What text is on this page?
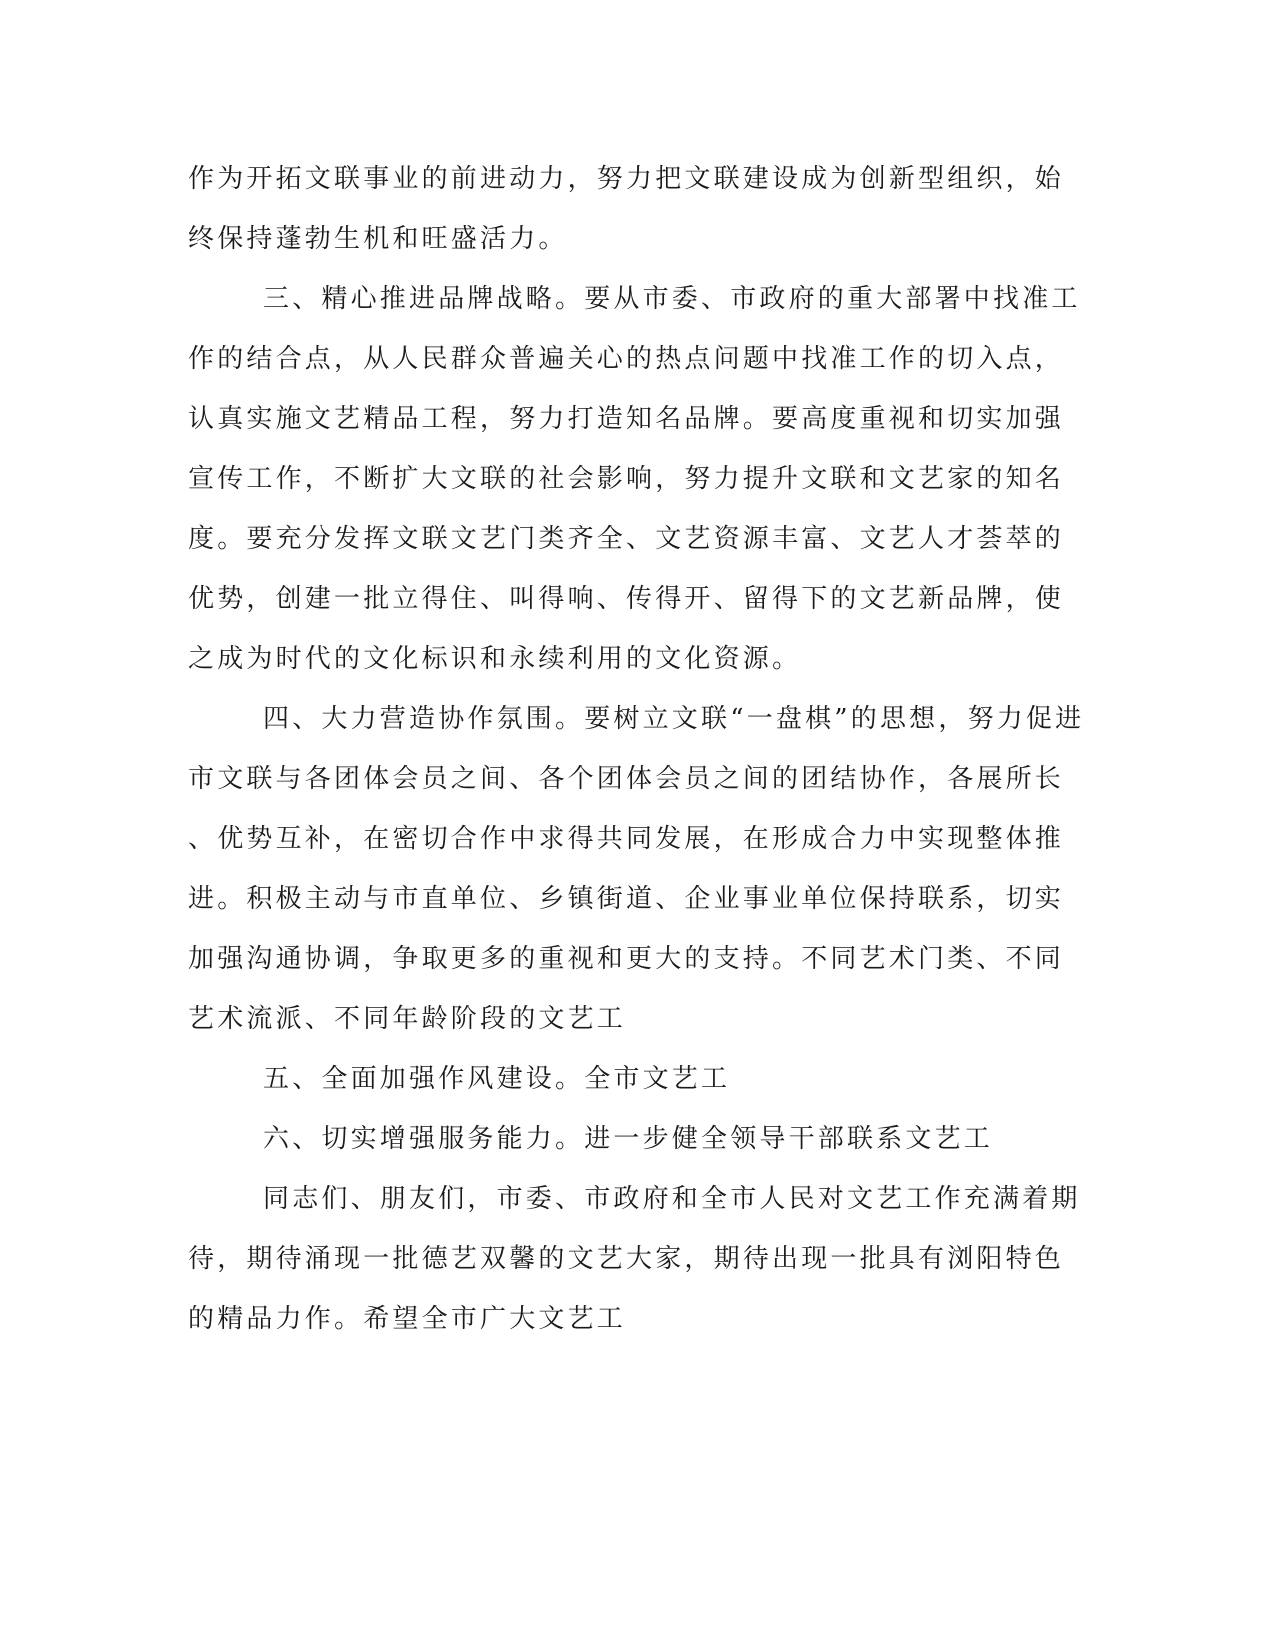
作为开拓文联事业的前进动力，努力把文联建设成为创新型组织，始
终保持蓬勃生机和旺盛活力。
三、精心推进品牌战略。要从市委、市政府的重大部署中找准工
作的结合点，从人民群众普遍关心的热点问题中找准工作的切入点，
认真实施文艺精品工程，努力打造知名品牌。要高度重视和切实加强
宣传工作，不断扩大文联的社会影响，努力提升文联和文艺家的知名
度。要充分发挥文联文艺门类齐全、文艺资源丰富、文艺人才荟萃的
优势，创建一批立得住、叫得响、传得开、留得下的文艺新品牌，使
之成为时代的文化标识和永续利用的文化资源。
四、大力营造协作氛围。要树立文联“一盘棋”的思想，努力促进
市文联与各团体会员之间、各个团体会员之间的团结协作，各展所长
、优势互补，在密切合作中求得共同发展，在形成合力中实现整体推
进。积极主动与市直单位、乡镇街道、企业事业单位保持联系，切实
加强沟通协调，争取更多的重视和更大的支持。不同艺术门类、不同
艺术流派、不同年龄阶段的文艺工
五、全面加强作风建设。全市文艺工
六、切实增强服务能力。进一步健全领导干部联系文艺工
同志们、朋友们，市委、市政府和全市人民对文艺工作充满着期
待，期待涌现一批德艺双馨的文艺大家，期待出现一批具有浏阳特色
的精品力作。希望全市广大文艺工
